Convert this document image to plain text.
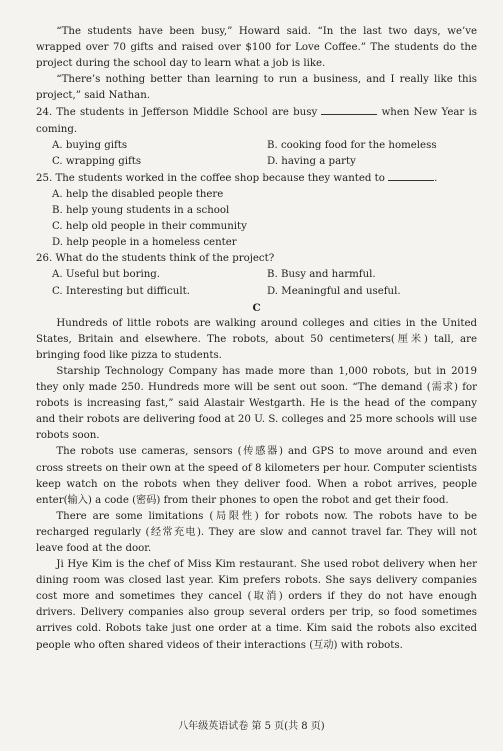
“The students have been busy,” Howard said. “In the last two days, we’ve wrapped over 70 gifts and raised over $100 for Love Coffee.” The students do the project during the school day to learn what a job is like.

“There’s nothing better than learning to run a business, and I really like this project,” said Nathan.

24. The students in Jefferson Middle School are busy	when New Year is coming.

A. buying gifts	B. cooking food for the homeless
C. wrapping gifts	D. having a party

25. The students worked in the coffee shop because they wanted to	.

A. help the disabled people there
B. help young students in a school
C. help old people in their community
D. help people in a homeless center

26. What do the students think of the project?

A. Useful but boring.	B. Busy and harmful.
C. Interesting but difficult.	D. Meaningful and useful.

C

Hundreds of little robots are walking around colleges and cities in the United States, Britain and elsewhere. The robots, about 50 centimeters(厘米) tall, are bringing food like pizza to students.

Starship Technology Company has made more than 1,000 robots, but in 2019 they only made 250. Hundreds more will be sent out soon. “The demand (需求) for robots is increasing fast,” said Alastair Westgarth. He is the head of the company and their robots are delivering food at 20 U. S. colleges and 25 more schools will use robots soon.

The robots use cameras, sensors (传感器) and GPS to move around and even cross streets on their own at the speed of 8 kilometers per hour. Computer scientists keep watch on the robots when they deliver food. When a robot arrives, people enter(输入) a code (密码) from their phones to open the robot and get their food.

There are some limitations (局限性) for robots now. The robots have to be recharged regularly (经常充电). They are slow and cannot travel far. They will not leave food at the door.

Ji Hye Kim is the chef of Miss Kim restaurant. She used robot delivery when her dining room was closed last year. Kim prefers robots. She says delivery companies cost more and sometimes they cancel (取消) orders if they do not have enough drivers. Delivery companies also group several orders per trip, so food sometimes arrives cold. Robots take just one order at a time. Kim said the robots also excited people who often shared videos of their interactions (互动) with robots.

八年级英语试卷 第 5 页(共 8 页)
